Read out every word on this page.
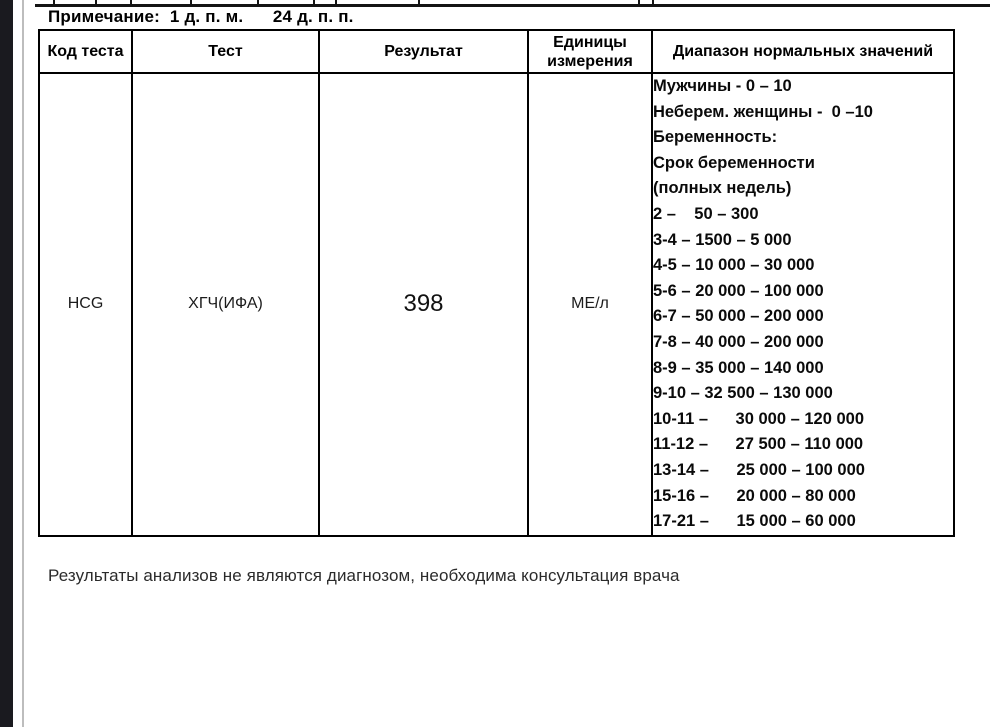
Примечание:  1 д. п. м.      24 д. п. п.
Код теста	Тест	Результат	Единицы измерения	Диапазон нормальных значений
HCG	ХГЧ(ИФА)	398	МЕ/л	
Мужчины - 0 – 10
Неберем. женщины -  0 –10
Беременность:
Срок беременности
(полных недель)
2 –    50 – 300
3-4 – 1500 – 5 000
4-5 – 10 000 – 30 000
5-6 – 20 000 – 100 000
6-7 – 50 000 – 200 000
7-8 – 40 000 – 200 000
8-9 – 35 000 – 140 000
9-10 – 32 500 – 130 000
10-11 –      30 000 – 120 000
11-12 –      27 500 – 110 000
13-14 –      25 000 – 100 000
15-16 –      20 000 – 80 000
17-21 –      15 000 – 60 000
Результаты анализов не являются диагнозом, необходима консультация врача
